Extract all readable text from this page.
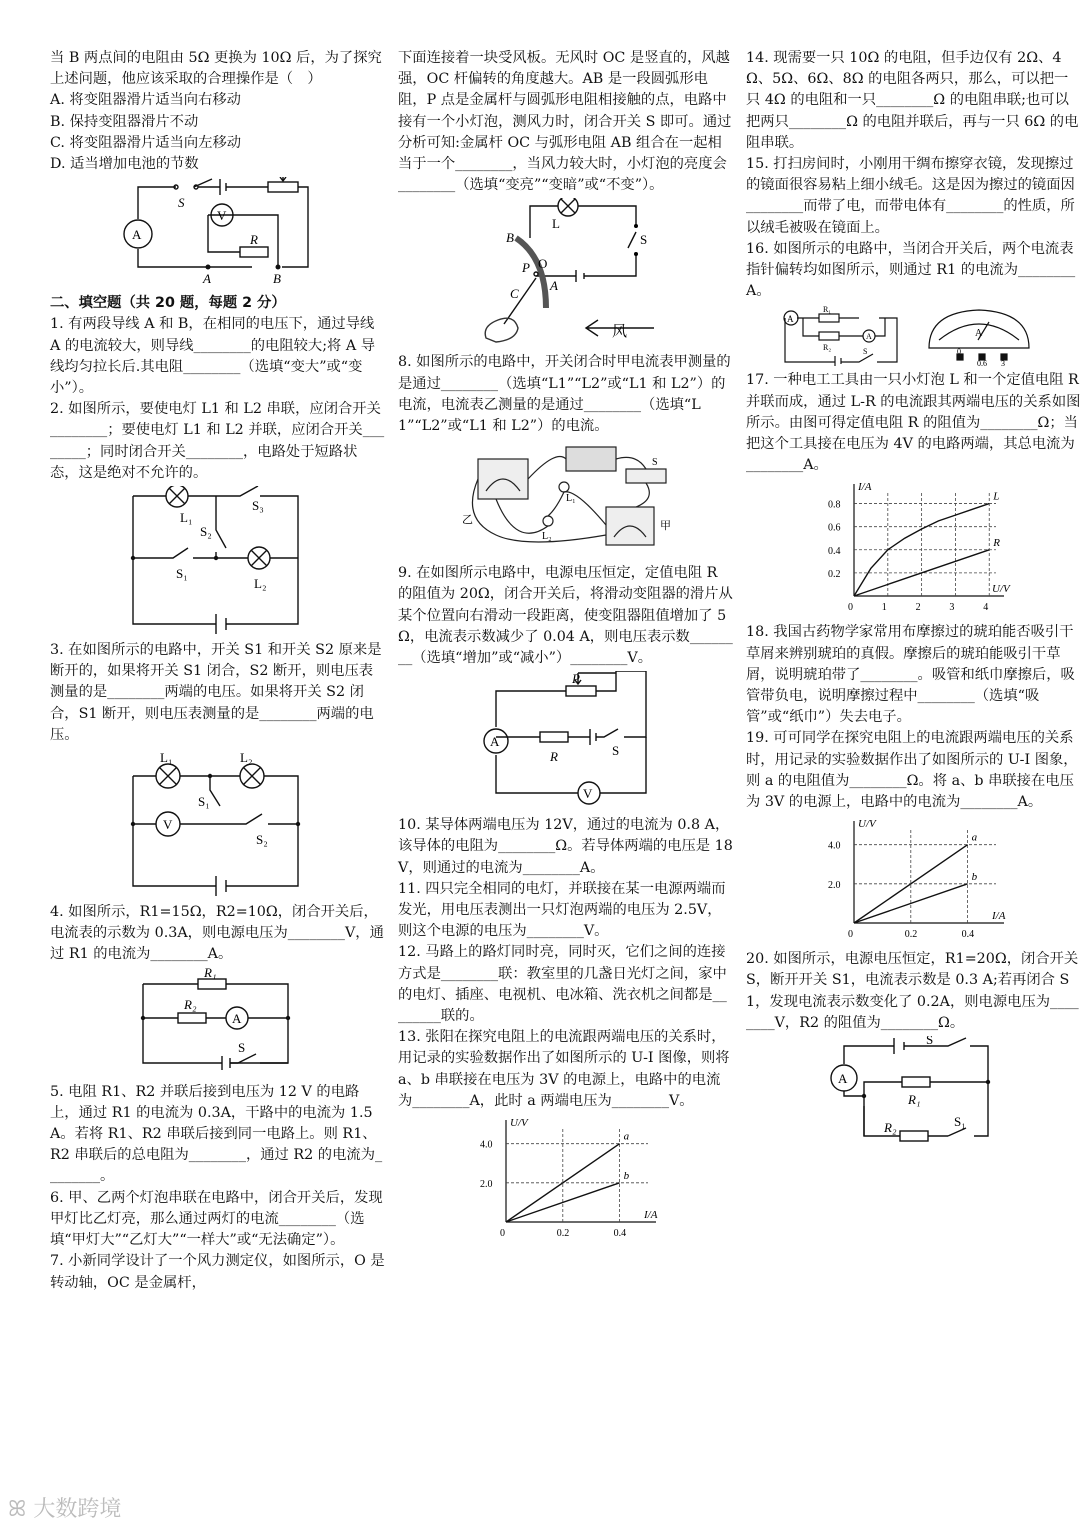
当 B 两点间的电阻由 5Ω 更换为 10Ω 后，为了探究上述问题，他应该采取的合理操作是（　）

A. 将变阻器滑片适当向右移动

B. 保持变阻器滑片不动

C. 将变阻器滑片适当向左移动

D. 适当增加电池的节数

A
V
S
R
A	B

二、填空题（共 20 题，每题 2 分）

1. 有两段导线 A 和 B，在相同的电压下，通过导线 A 的电流较大，则导线________的电阻较大;将 A 导线均匀拉长后.其电阻________（选填“变大”或“变小”）。

2. 如图所示，要使电灯 L1 和 L2 串联，应闭合开关________；要使电灯 L1 和 L2 并联，应闭合开关________；同时闭合开关________，电路处于短路状态，这是绝对不允许的。

L₁
S₃
S₂
S₁
L₂

3. 在如图所示的电路中，开关 S1 和开关 S2 原来是断开的，如果将开关 S1 闭合，S2 断开，则电压表测量的是________两端的电压。如果将开关 S2 闭合，S1 断开，则电压表测量的是________两端的电压。

L₁	L₂
S₁
V
S₂

4. 如图所示，R1=15Ω，R2=10Ω，闭合开关后，电流表的示数为 0.3A，则电源电压为________V，通过 R1 的电流为________A。

R₁
R₂
A
S

5. 电阻 R1、R2 并联后接到电压为 12 V 的电路上，通过 R1 的电流为 0.3A，干路中的电流为 1.5A。若将 R1、R2 串联后接到同一电路上。则 R1、R2 串联后的总电阻为________，通过 R2 的电流为________。

6. 甲、乙两个灯泡串联在电路中，闭合开关后，发现甲灯比乙灯亮，那么通过两灯的电流________（选填“甲灯大”“乙灯大”“一样大”或“无法确定”）。

7. 小新同学设计了一个风力测定仪，如图所示，O 是转动轴，OC 是金属杆，

下面连接着一块受风板。无风时 OC 是竖直的，风越强，OC 杆偏转的角度越大。AB 是一段圆弧形电阻，P 点是金属杆与圆弧形电阻相接触的点，电路中接有一个小灯泡，测风力时，闭合开关 S 即可。通过分析可知:金属杆 OC 与弧形电阻 AB 组合在一起相当于一个________，当风力较大时，小灯泡的亮度会________（选填“变亮”“变暗”或“不变”）。

L
S
B
P O
A
C
风

8. 如图所示的电路中，开关闭合时甲电流表甲测量的是通过________（选填“L1”“L2”或“L1 和 L2”）的电流，电流表乙测量的是通过________（选填“L1”“L2”或“L1 和 L2”）的电流。

乙
L₁
L₂
甲
S

9. 在如图所示电路中，电源电压恒定，定值电阻 R 的阻值为 20Ω，闭合开关后，将滑动变阻器的滑片从某个位置向右滑动一段距离，使变阻器阻值增加了 5Ω，电流表示数减少了 0.04 A，则电压表示数________（选填“增加”或“减小”）________V。

A
V
P
R	S

10. 某导体两端电压为 12V，通过的电流为 0.8 A，该导体的电阻为________Ω。若导体两端的电压是 18V，则通过的电流为________A。

11. 四只完全相同的电灯，并联接在某一电源两端而发光，用电压表测出一只灯泡两端的电压为 2.5V，则这个电源的电压为________V。

12. 马路上的路灯同时亮，同时灭，它们之间的连接方式是________联：教室里的几盏日光灯之间，家中的电灯、插座、电视机、电冰箱、洗衣机之间都是________联的。

13. 张阳在探究电阻上的电流跟两端电压的关系时，用记录的实验数据作出了如图所示的 U-I 图像，则将 a、b 串联接在电压为 3V 的电源上，电路中的电流为________A，此时 a 两端电压为________V。

U/V
I/A
0	0.2	0.4
2.0
4.0
a
b

14. 现需要一只 10Ω 的电阻，但手边仅有 2Ω、4Ω、5Ω、6Ω、8Ω 的电阻各两只，那么，可以把一只 4Ω 的电阻和一只________Ω 的电阻串联;也可以把两只________Ω 的电阻并联后，再与一只 6Ω 的电阻串联。

15. 打扫房间时，小刚用干绸布擦穿衣镜，发现擦过的镜面很容易粘上细小绒毛。这是因为擦过的镜面因________而带了电，而带电体有________的性质，所以绒毛被吸在镜面上。

16. 如图所示的电路中，当闭合开关后，两个电流表指针偏转均如图所示，则通过 R1 的电流为________A。

A
R₁
R₂
A
S
A
0
0.6 3

17. 一种电工工具由一只小灯泡 L 和一个定值电阻 R 并联而成，通过 L-R 的电流跟其两端电压的关系如图所示。由图可得定值电阻 R 的阻值为________Ω；当把这个工具接在电压为 4V 的电路两端，其总电流为________A。

I/A
U/V
0	1	2	3	4
0.2
0.4
0.6
0.8
L
R

18. 我国古药物学家常用布摩擦过的琥珀能否吸引干草屑来辨别琥珀的真假。摩擦后的琥珀能吸引干草屑，说明琥珀带了________。吸管和纸巾摩擦后，吸管带负电，说明摩擦过程中________（选填“吸管”或“纸巾”）失去电子。

19. 可可同学在探究电阻上的电流跟两端电压的关系时，用记录的实验数据作出了如图所示的 U-I 图象，则 a 的电阻值为________Ω。将 a、b 串联接在电压为 3V 的电源上，电路中的电流为________A。

U/V
I/A
0	0.2	0.4
2.0
4.0
a
b

20. 如图所示，电源电压恒定，R1=20Ω，闭合开关 S，断开开关 S1，电流表示数是 0.3 A;若再闭合 S1，发现电流表示数变化了 0.2A，则电源电压为________V，R2 的阻值为________Ω。

A
S
R₁
R₂	S₁
ꕤ 大数跨境
